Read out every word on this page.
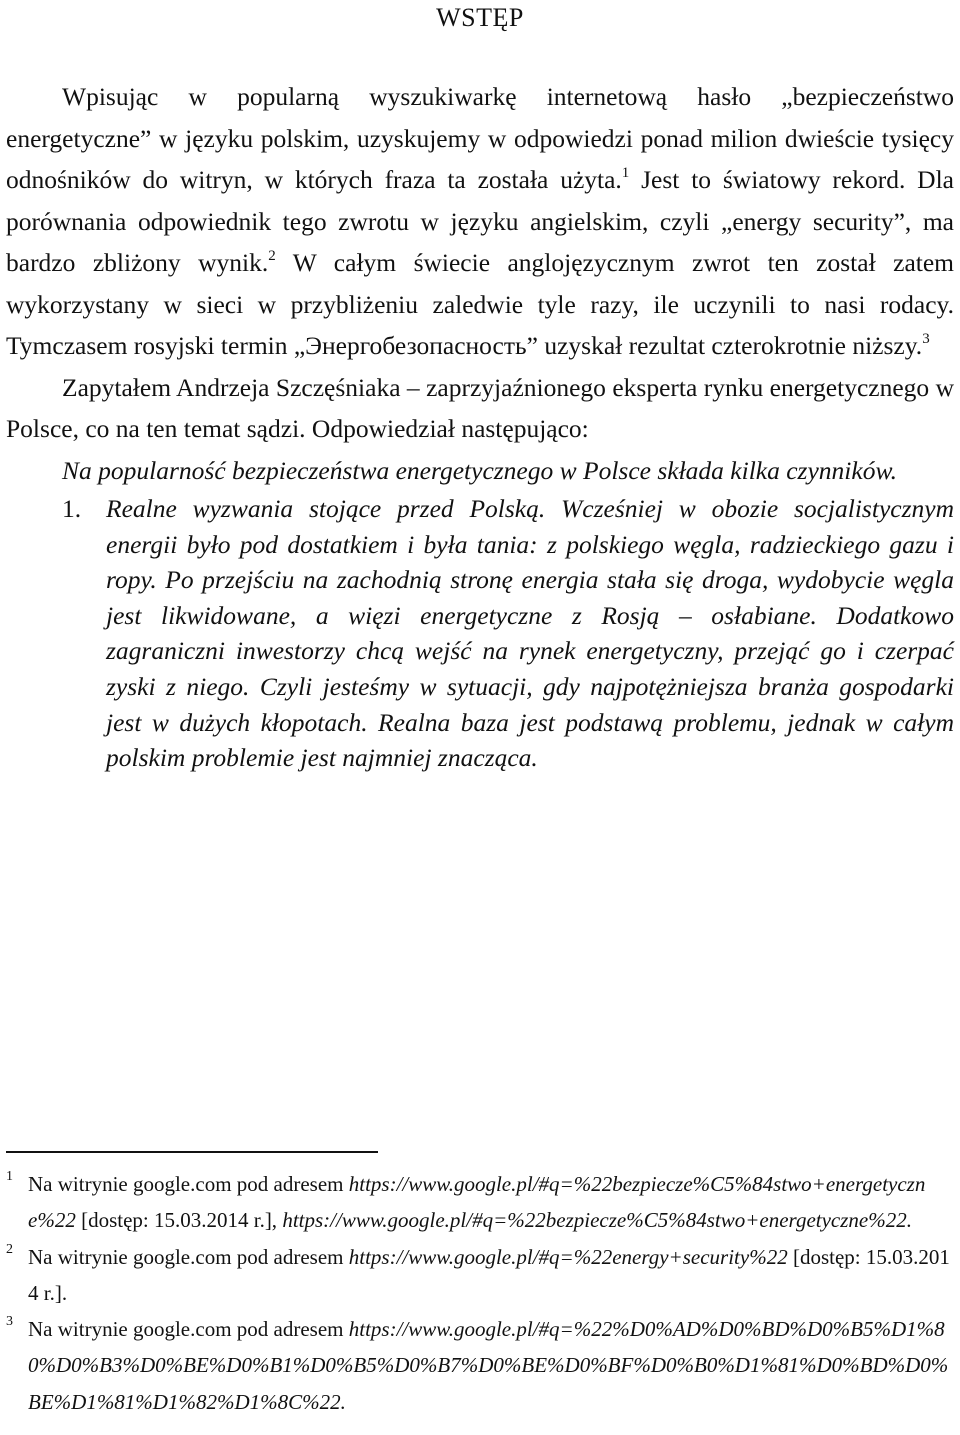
WSTĘP

Wpisując w popularną wyszukiwarkę internetową hasło „bezpieczeństwo energetyczne” w języku polskim, uzyskujemy w odpowiedzi ponad milion dwieście tysięcy odnośników do witryn, w których fraza ta została użyta.$^1$ Jest to światowy rekord. Dla porównania odpowiednik tego zwrotu w języku angielskim, czyli „energy security”, ma bardzo zbliżony wynik.$^2$ W całym świecie anglojęzycznym zwrot ten został zatem wykorzystany w sieci w przybliżeniu zaledwie tyle razy, ile uczynili to nasi rodacy. Tymczasem rosyjski termin „Энергобезопасность” uzyskał rezultat czterokrotnie niższy.$^3$

Zapytałem Andrzeja Szczęśniaka – zaprzyjaźnionego eksperta rynku energetycznego w Polsce, co na ten temat sądzi. Odpowiedział następująco:

Na popularność bezpieczeństwa energetycznego w Polsce składa kilka czynników.

1. Realne wyzwania stojące przed Polską. Wcześniej w obozie socjalistycznym energii było pod dostatkiem i była tania: z polskiego węgla, radzieckiego gazu i ropy. Po przejściu na zachodnią stronę energia stała się droga, wydobycie węgla jest likwidowane, a więzi energetyczne z Rosją – osłabiane. Dodatkowo zagraniczni inwestorzy chcą wejść na rynek energetyczny, przejąć go i czerpać zyski z niego. Czyli jesteśmy w sytuacji, gdy najpotężniejsza branża gospodarki jest w dużych kłopotach. Realna baza jest podstawą problemu, jednak w całym polskim problemie jest najmniej znacząca.

1 Na witrynie google.com pod adresem https://www.google.pl/#q=%22bezpiecze%C5%84stwo+energetyczne%22 [dostęp: 15.03.2014 r.], https://www.google.pl/#q=%22bezpiecze%C5%84stwo+energetyczne%22.

2 Na witrynie google.com pod adresem https://www.google.pl/#q=%22energy+security%22 [dostęp: 15.03.2014 r.].

3 Na witrynie google.com pod adresem https://www.google.pl/#q=%22%D0%AD%D0%BD%D0%B5%D1%80%D0%B3%D0%BE%D0%B1%D0%B5%D0%B7%D0%BE%D0%BF%D0%B0%D1%81%D0%BD%D0%BE%D1%81%D1%82%D1%8C%22.
